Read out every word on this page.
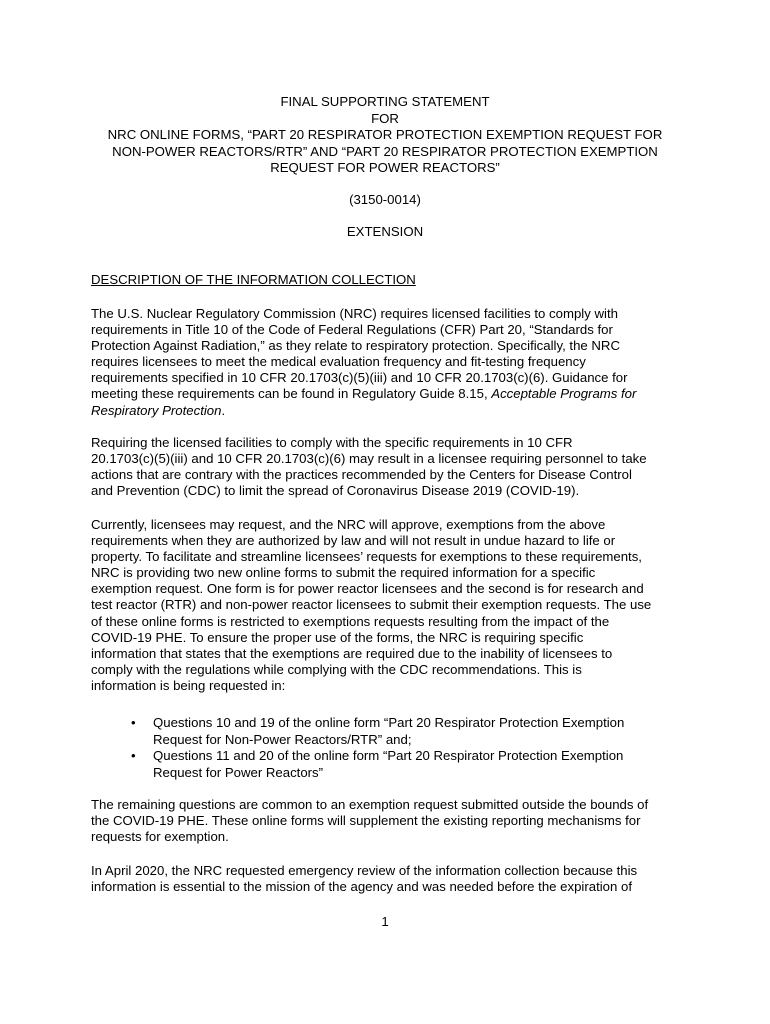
FINAL SUPPORTING STATEMENT
FOR
NRC ONLINE FORMS, “PART 20 RESPIRATOR PROTECTION EXEMPTION REQUEST FOR
NON-POWER REACTORS/RTR” AND “PART 20 RESPIRATOR PROTECTION EXEMPTION
REQUEST FOR POWER REACTORS”
(3150-0014)
EXTENSION
DESCRIPTION OF THE INFORMATION COLLECTION
The U.S. Nuclear Regulatory Commission (NRC) requires licensed facilities to comply with
requirements in Title 10 of the Code of Federal Regulations (CFR) Part 20, “Standards for
Protection Against Radiation,” as they relate to respiratory protection. Specifically, the NRC
requires licensees to meet the medical evaluation frequency and fit-testing frequency
requirements specified in 10 CFR 20.1703(c)(5)(iii) and 10 CFR 20.1703(c)(6). Guidance for
meeting these requirements can be found in Regulatory Guide 8.15, Acceptable Programs for
Respiratory Protection.
Requiring the licensed facilities to comply with the specific requirements in 10 CFR
20.1703(c)(5)(iii) and 10 CFR 20.1703(c)(6) may result in a licensee requiring personnel to take
actions that are contrary with the practices recommended by the Centers for Disease Control
and Prevention (CDC) to limit the spread of Coronavirus Disease 2019 (COVID-19).
Currently, licensees may request, and the NRC will approve, exemptions from the above
requirements when they are authorized by law and will not result in undue hazard to life or
property. To facilitate and streamline licensees’ requests for exemptions to these requirements,
NRC is providing two new online forms to submit the required information for a specific
exemption request. One form is for power reactor licensees and the second is for research and
test reactor (RTR) and non-power reactor licensees to submit their exemption requests. The use
of these online forms is restricted to exemptions requests resulting from the impact of the
COVID-19 PHE. To ensure the proper use of the forms, the NRC is requiring specific
information that states that the exemptions are required due to the inability of licensees to
comply with the regulations while complying with the CDC recommendations. This is
information is being requested in:
• Questions 10 and 19 of the online form “Part 20 Respirator Protection Exemption
Request for Non-Power Reactors/RTR” and;
• Questions 11 and 20 of the online form “Part 20 Respirator Protection Exemption
Request for Power Reactors”
The remaining questions are common to an exemption request submitted outside the bounds of
the COVID-19 PHE. These online forms will supplement the existing reporting mechanisms for
requests for exemption.
In April 2020, the NRC requested emergency review of the information collection because this
information is essential to the mission of the agency and was needed before the expiration of
1
